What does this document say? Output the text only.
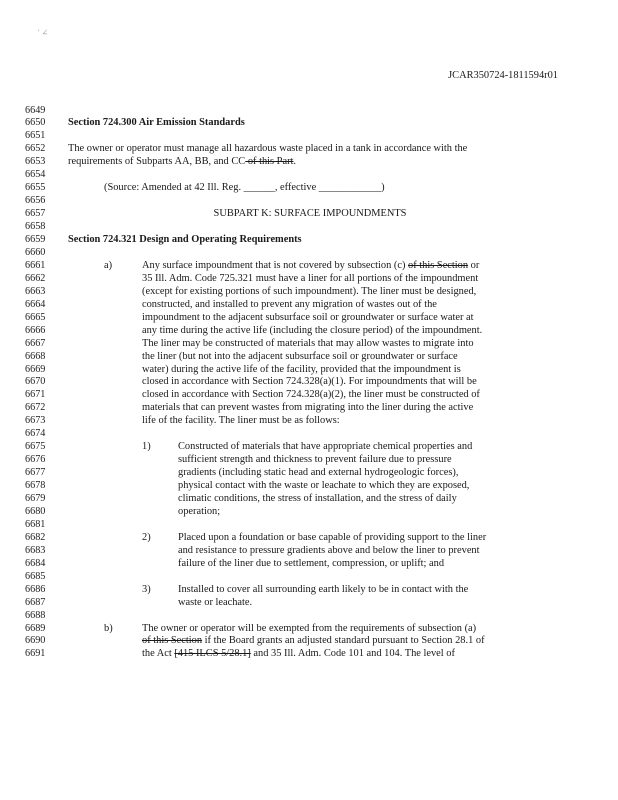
' ∠
JCAR350724-1811594r01
6649
6650 Section 724.300 Air Emission Standards
6651
6652 The owner or operator must manage all hazardous waste placed in a tank in accordance with the
6653 requirements of Subparts AA, BB, and CC of this Part.
6654
6655	(Source: Amended at 42 Ill. Reg. ______, effective ____________)
6656
6657	SUBPART K: SURFACE IMPOUNDMENTS
6658
6659 Section 724.321 Design and Operating Requirements
6660
6661	a)	Any surface impoundment that is not covered by subsection (c) of this Section or
6662	35 Ill. Adm. Code 725.321 must have a liner for all portions of the impoundment
6663	(except for existing portions of such impoundment). The liner must be designed,
6664	constructed, and installed to prevent any migration of wastes out of the
6665	impoundment to the adjacent subsurface soil or groundwater or surface water at
6666	any time during the active life (including the closure period) of the impoundment.
6667	The liner may be constructed of materials that may allow wastes to migrate into
6668	the liner (but not into the adjacent subsurface soil or groundwater or surface
6669	water) during the active life of the facility, provided that the impoundment is
6670	closed in accordance with Section 724.328(a)(1). For impoundments that will be
6671	closed in accordance with Section 724.328(a)(2), the liner must be constructed of
6672	materials that can prevent wastes from migrating into the liner during the active
6673	life of the facility. The liner must be as follows:
6674
6675	1)	Constructed of materials that have appropriate chemical properties and
6676	sufficient strength and thickness to prevent failure due to pressure
6677	gradients (including static head and external hydrogeologic forces),
6678	physical contact with the waste or leachate to which they are exposed,
6679	climatic conditions, the stress of installation, and the stress of daily
6680	operation;
6681
6682	2)	Placed upon a foundation or base capable of providing support to the liner
6683	and resistance to pressure gradients above and below the liner to prevent
6684	failure of the liner due to settlement, compression, or uplift; and
6685
6686	3)	Installed to cover all surrounding earth likely to be in contact with the
6687	waste or leachate.
6688
6689	b)	The owner or operator will be exempted from the requirements of subsection (a)
6690	of this Section if the Board grants an adjusted standard pursuant to Section 28.1 of
6691	the Act [415 ILCS 5/28.1] and 35 Ill. Adm. Code 101 and 104. The level of
